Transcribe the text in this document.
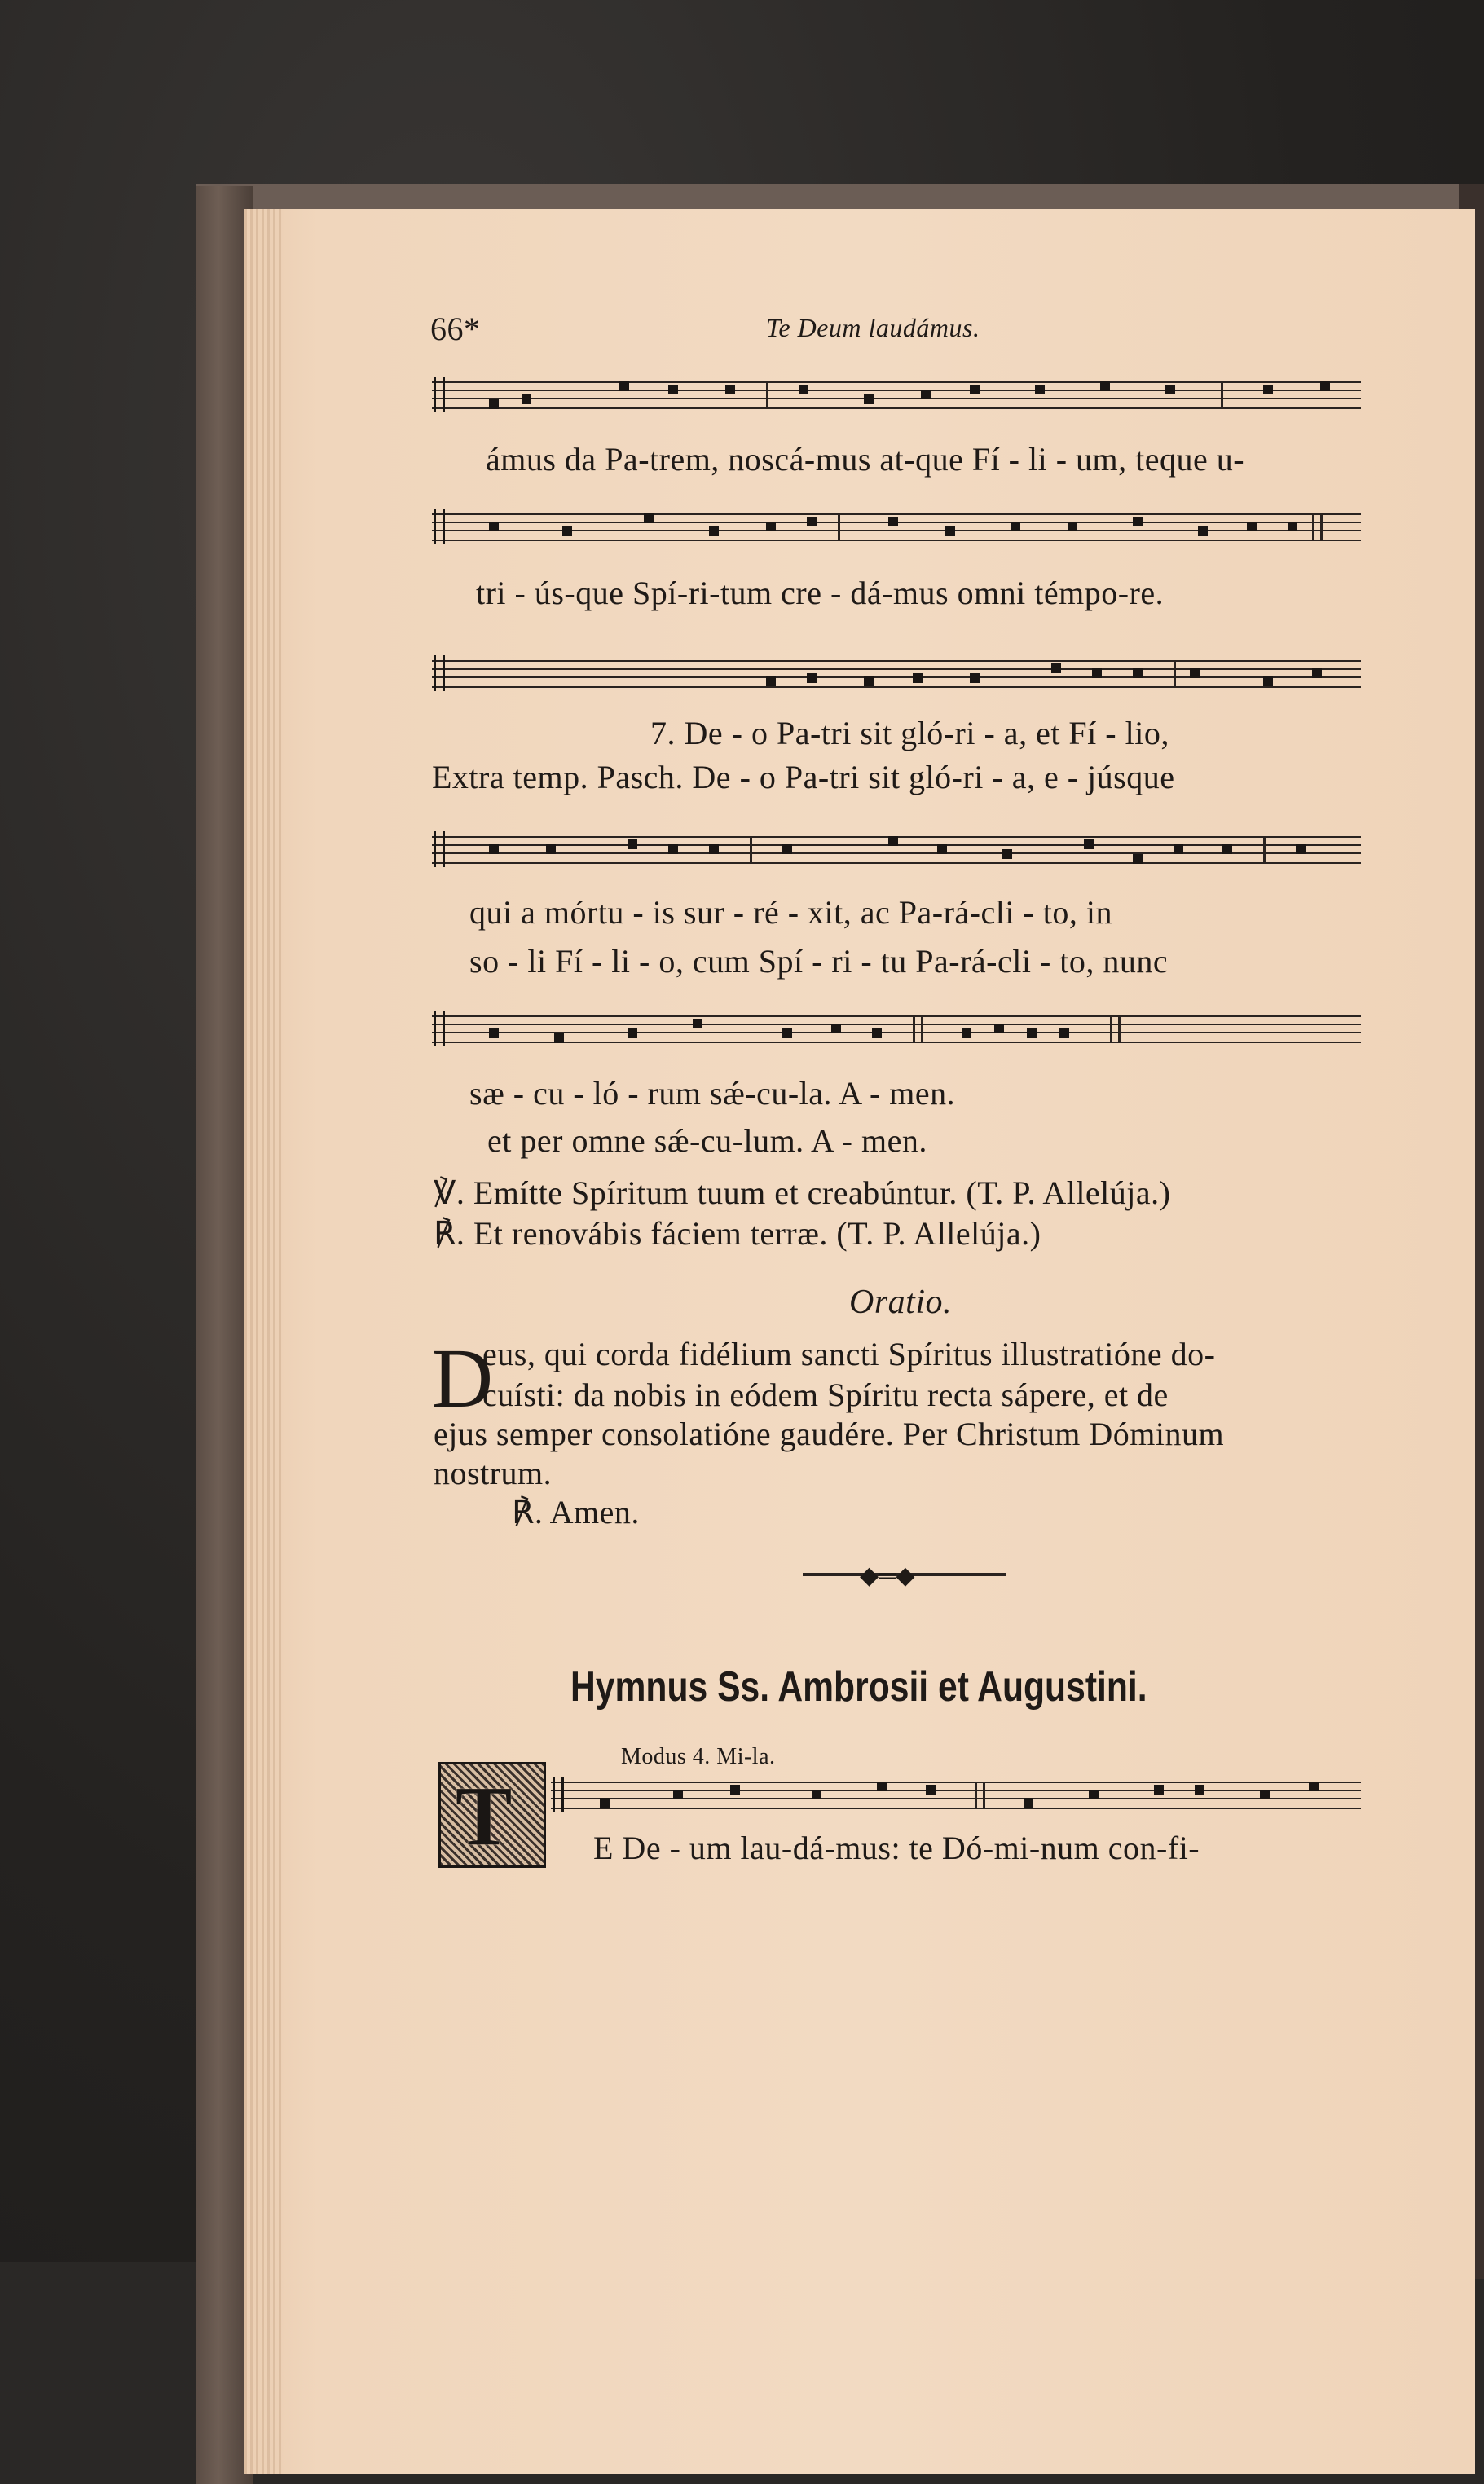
66*	Te Deum laudámus.
ámus da Pa-trem, noscá-mus at-que Fí - li - um, teque u-
tri - ús-que Spí-ri-tum cre - dá-mus omni témpo-re.
7. De - o Pa-tri sit gló-ri - a, et Fí - lio,
Extra temp. Pasch. De - o Pa-tri sit gló-ri - a, e - júsque
qui a mórtu - is sur - ré - xit, ac Pa-rá-cli - to, in
so - li Fí - li - o, cum Spí - ri - tu Pa-rá-cli - to, nunc
sæ - cu - ló - rum sǽ-cu-la. A - men.
et per omne sǽ-cu-lum. A - men.
℣. Emítte Spíritum tuum et creabúntur. (T. P. Allelúja.)
℟. Et renovábis fáciem terræ. (T. P. Allelúja.)
Oratio.
D
eus, qui corda fidélium sancti Spíritus illustratióne do-
cuísti: da nobis in eódem Spíritu recta sápere, et de
ejus semper consolatióne gaudére. Per Christum Dóminum
nostrum.
℟. Amen.
◆═◆
Hymnus Ss. Ambrosii et Augustini.
Modus 4. Mi-la.
T E De - um lau-dá-mus: te Dó-mi-num con-fi-
